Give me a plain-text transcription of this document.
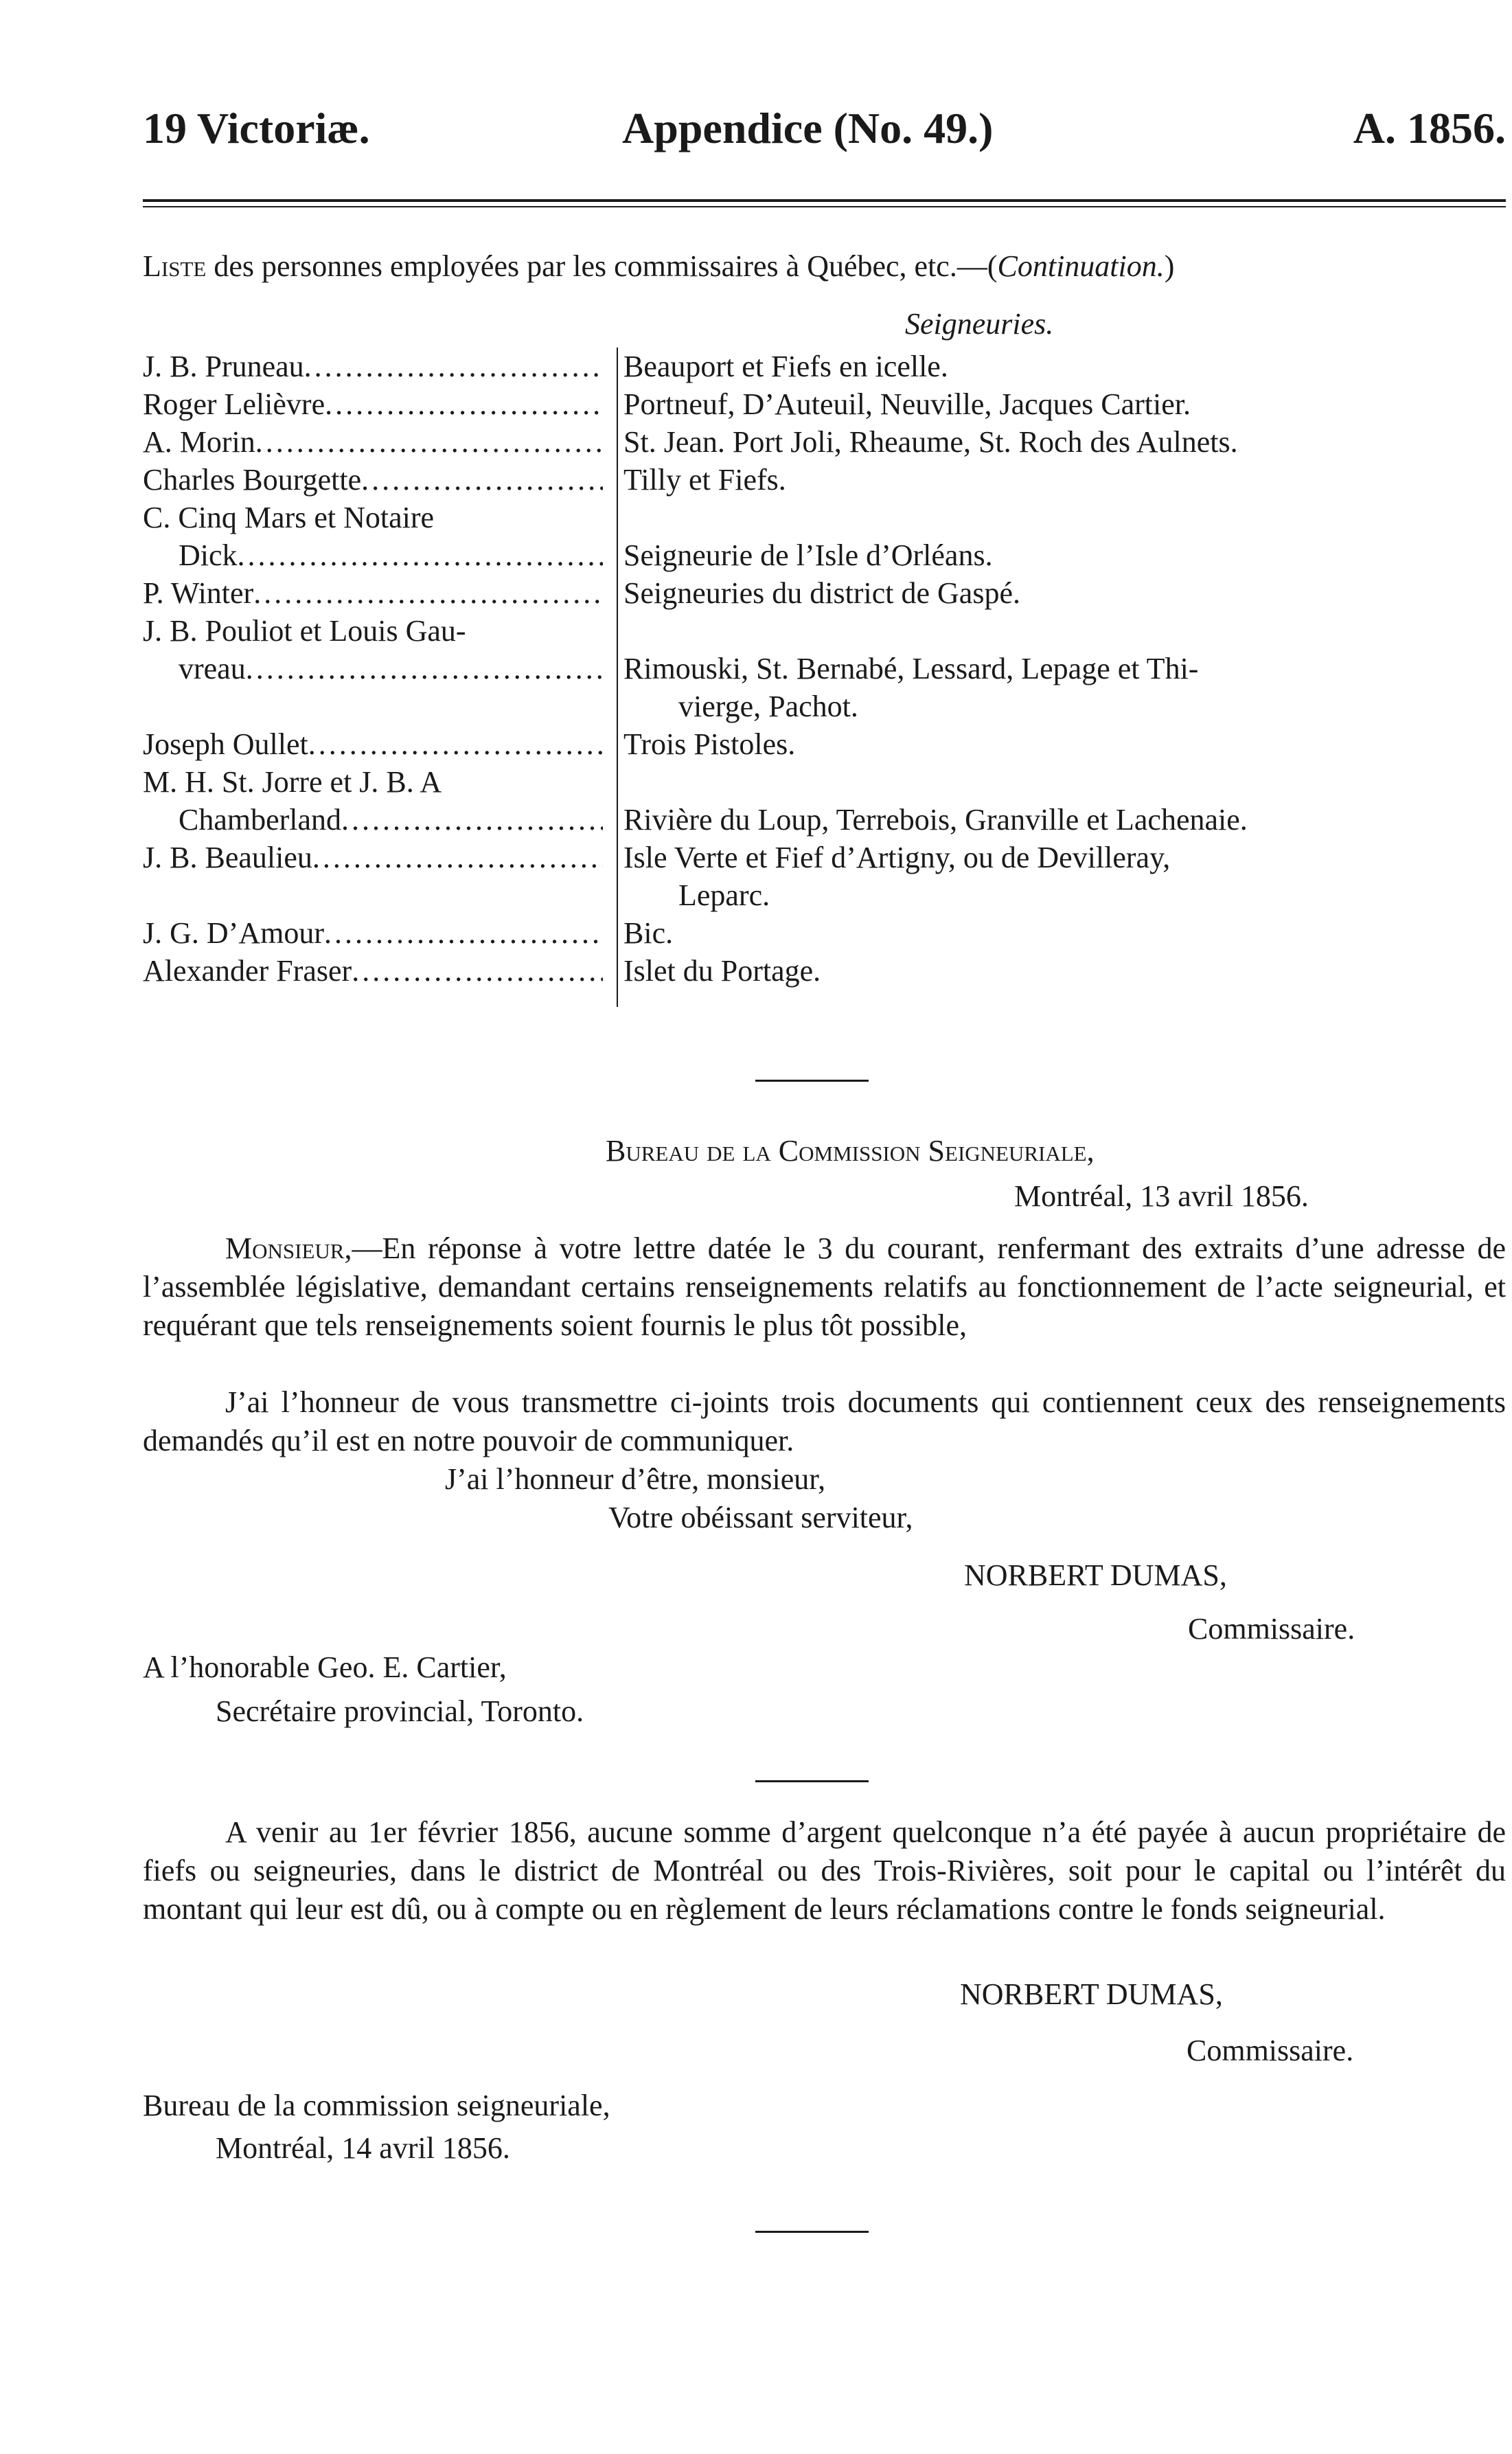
19 Victoriæ.	Appendice (No. 49.)	A. 1856.
Liste des personnes employées par les commissaires à Québec, etc.—(Continuation.)
Seigneuries.
J. B. Pruneau .....	Beauport et Fiefs en icelle.
Roger Lelièvre .....	Portneuf, D’Auteuil, Neuville, Jacques Cartier.
A. Morin .....	St. Jean. Port Joli, Rheaume, St. Roch des Aulnets.
Charles Bourgette .....	Tilly et Fiefs.
C. Cinq Mars et Notaire
Dick .....	Seigneurie de l’Isle d’Orléans.
P. Winter .....	Seigneuries du district de Gaspé.
J. B. Pouliot et Louis Gau-
vreau .....	Rimouski, St. Bernabé, Lessard, Lepage et Thi-
vierge, Pachot.
Joseph Oullet .....	Trois Pistoles.
M. H. St. Jorre et J. B. A
Chamberland .....	Rivière du Loup, Terrebois, Granville et Lachenaie.
J. B. Beaulieu .....	Isle Verte et Fief d’Artigny, ou de Devilleray,
Leparc.
J. G. D’Amour .....	Bic.
Alexander Fraser .....	Islet du Portage.
Bureau de la Commission Seigneuriale,
Montréal, 13 avril 1856.
Monsieur,—En réponse à votre lettre datée le 3 du courant, renfermant des extraits d’une adresse de l’assemblée législative, demandant certains renseignements relatifs au fonctionnement de l’acte seigneurial, et requérant que tels renseignements soient fournis le plus tôt possible,
J’ai l’honneur de vous transmettre ci-joints trois documents qui contiennent ceux des renseignements demandés qu’il est en notre pouvoir de communiquer.
J’ai l’honneur d’être, monsieur,
Votre obéissant serviteur,
NORBERT DUMAS,
Commissaire.
A l’honorable Geo. E. Cartier,
Secrétaire provincial, Toronto.
A venir au 1er février 1856, aucune somme d’argent quelconque n’a été payée à aucun propriétaire de fiefs ou seigneuries, dans le district de Montréal ou des Trois-Rivières, soit pour le capital ou l’intérêt du montant qui leur est dû, ou à compte ou en règlement de leurs réclamations contre le fonds seigneurial.
NORBERT DUMAS,
Commissaire.
Bureau de la commission seigneuriale,
Montréal, 14 avril 1856.
